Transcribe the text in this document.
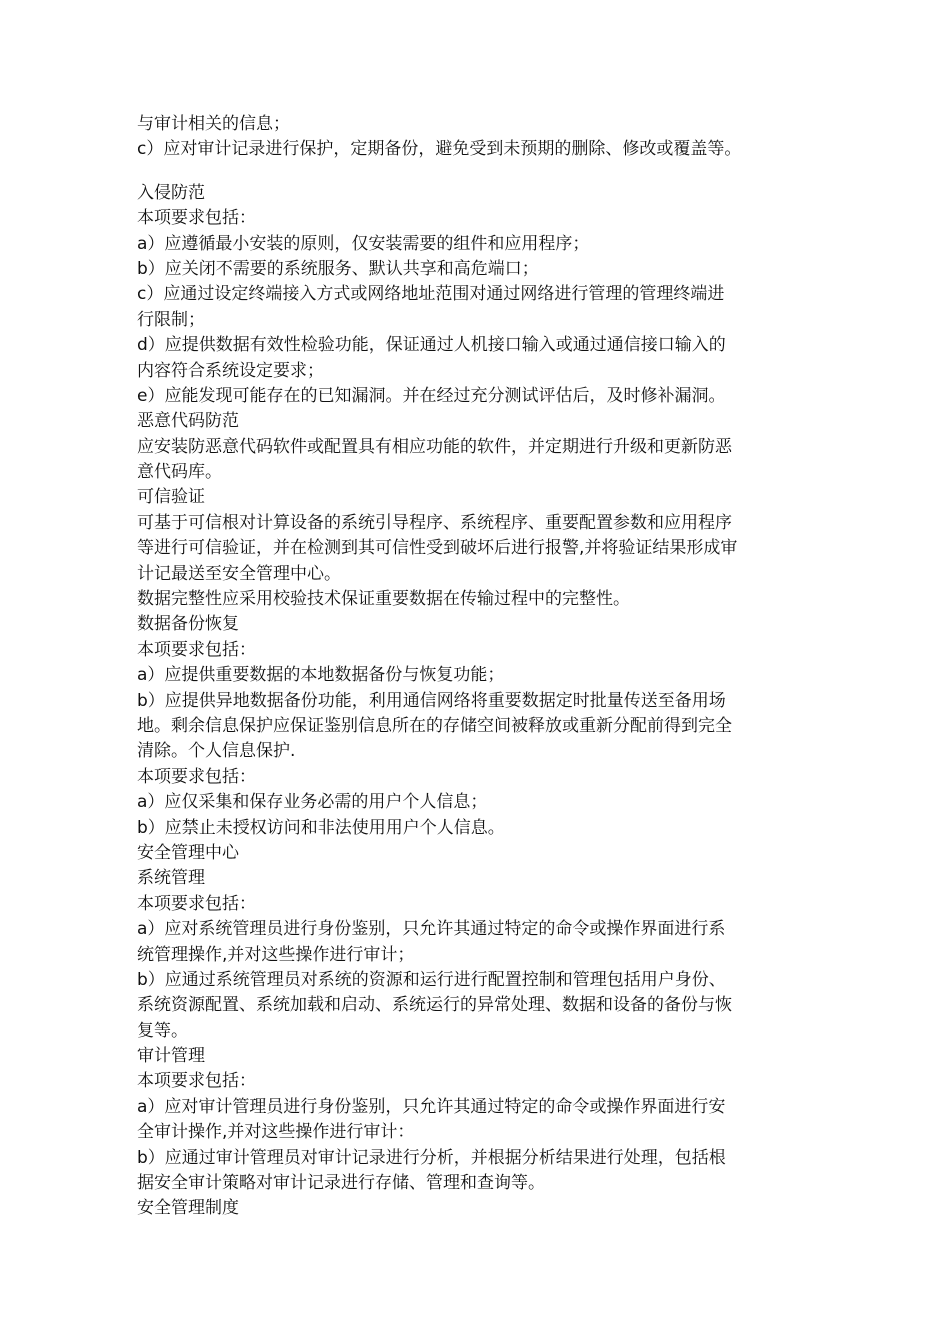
与审计相关的信息；
c）应对审计记录进行保护，定期备份，避免受到未预期的删除、修改或覆盖等。
入侵防范
本项要求包括：
a）应遵循最小安装的原则，仅安装需要的组件和应用程序；
b）应关闭不需要的系统服务、默认共享和高危端口；
c）应通过设定终端接入方式或网络地址范围对通过网络进行管理的管理终端进
行限制；
d）应提供数据有效性检验功能，保证通过人机接口输入或通过通信接口输入的
内容符合系统设定要求；
e）应能发现可能存在的已知漏洞。并在经过充分测试评估后，及时修补漏洞。
恶意代码防范
应安装防恶意代码软件或配置具有相应功能的软件，并定期进行升级和更新防恶
意代码库。
可信验证
可基于可信根对计算设备的系统引导程序、系统程序、重要配置参数和应用程序
等进行可信验证，并在检测到其可信性受到破坏后进行报警,并将验证结果形成审
计记最送至安全管理中心。
数据完整性应采用校验技术保证重要数据在传输过程中的完整性。
数据备份恢复
本项要求包括：
a）应提供重要数据的本地数据备份与恢复功能；
b）应提供异地数据备份功能，利用通信网络将重要数据定时批量传送至备用场
地。剩余信息保护应保证鉴别信息所在的存储空间被释放或重新分配前得到完全
清除。个人信息保护.
本项要求包括：
a）应仅采集和保存业务必需的用户个人信息；
b）应禁止未授权访问和非法使用用户个人信息。
安全管理中心
系统管理
本项要求包括：
a）应对系统管理员进行身份鉴别，只允许其通过特定的命令或操作界面进行系
统管理操作,并对这些操作进行审计；
b）应通过系统管理员对系统的资源和运行进行配置控制和管理包括用户身份、
系统资源配置、系统加载和启动、系统运行的异常处理、数据和设备的备份与恢
复等。
审计管理
本项要求包括：
a）应对审计管理员进行身份鉴别，只允许其通过特定的命令或操作界面进行安
全审计操作,并对这些操作进行审计：
b）应通过审计管理员对审计记录进行分析，并根据分析结果进行处理，包括根
据安全审计策略对审计记录进行存储、管理和查询等。
安全管理制度
